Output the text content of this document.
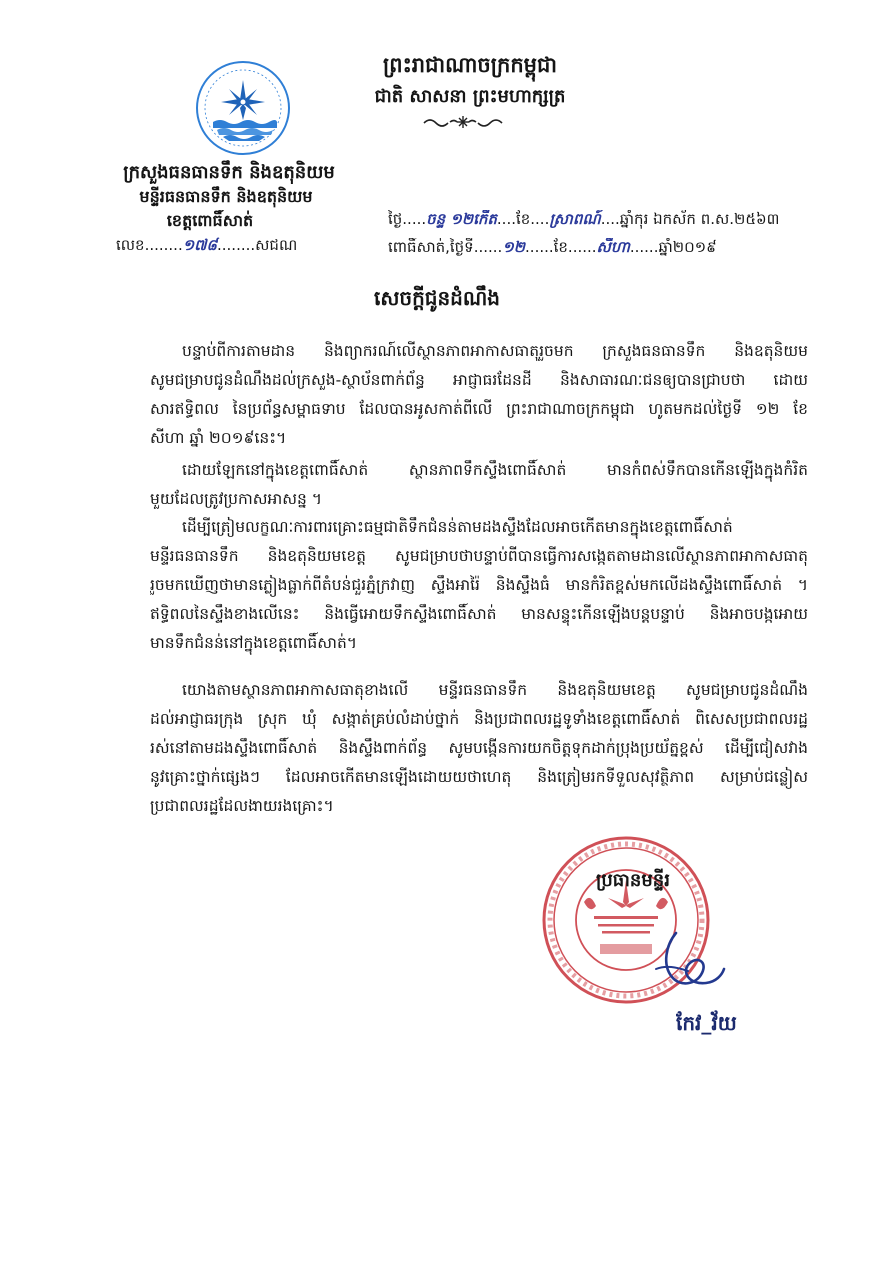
ព្រះរាជាណាចក្រកម្ពុជា
ជាតិ សាសនា ព្រះមហាក្សត្រ
ក្រសួងធនធានទឹក និងឧតុនិយម
មន្ទីរធនធានទឹក និងឧតុនិយម
ខេត្តពោធិ៍សាត់
លេខ........១៧៨........សជណ
ថ្ងៃ.....ចន្ទ ១២កើត....ខែ....ស្រាពណ៍....ឆ្នាំកុរ ឯកស័ក ព.ស.២៥៦៣
ពោធិ៍សាត់,ថ្ងៃទី......១២......ខែ......សីហា......ឆ្នាំ២០១៩
សេចក្ដីជូនដំណឹង
បន្ទាប់ពីការតាមដាន និងព្យាករណ៍លើស្ថានភាពអាកាសធាតុរួចមក ក្រសួងធនធានទឹក និងឧតុនិយម
សូមជម្រាបជូនដំណឹងដល់ក្រសួង-ស្ថាប័នពាក់ព័ន្ធ អាជ្ញាធរដែនដី និងសាធារណៈជនឲ្យបានជ្រាបថា ដោយ
សារឥទ្ធិពល នៃប្រព័ន្ធសម្ពាធទាប ដែលបានអូសកាត់ពីលើ ព្រះរាជាណាចក្រកម្ពុជា ហូតមកដល់ថ្ងៃទី ១២ ខែ
សីហា ឆ្នាំ ២០១៩នេះ។
ដោយឡែកនៅក្នុងខេត្តពោធិ៍សាត់ ស្ថានភាពទឹកស្ទឹងពោធិ៍សាត់ មានកំពស់ទឹកបានកើនឡើងក្នុងកំរិត
មួយដែលត្រូវប្រកាសអាសន្ន ។
ដើម្បីត្រៀមលក្ខណៈការពារគ្រោះធម្មជាតិទឹកជំនន់តាមដងស្ទឹងដែលអាចកើតមានក្នុងខេត្តពោធិ៍សាត់
មន្ទីរធនធានទឹក និងឧតុនិយមខេត្ត សូមជម្រាបថាបន្ទាប់ពីបានធ្វើការសង្កេតតាមដានលើស្ថានភាពអាកាសធាតុ
រួចមកឃើញថាមានភ្លៀងធ្លាក់ពីតំបន់ជួរភ្នំក្រវាញ ស្ទឹងអារ៉ៃ និងស្ទឹងធំ មានកំរិតខ្ពស់មកលើដងស្ទឹងពោធិ៍សាត់ ។
ឥទ្ធិពលនៃស្ទឹងខាងលើនេះ និងធ្វើអោយទឹកស្ទឹងពោធិ៍សាត់ មានសន្ទុះកើនឡើងបន្តបន្ទាប់ និងអាចបង្កអោយ
មានទឹកជំនន់នៅក្នុងខេត្តពោធិ៍សាត់។
យោងតាមស្ថានភាពអាកាសធាតុខាងលើ មន្ទីរធនធានទឹក និងឧតុនិយមខេត្ត សូមជម្រាបជូនដំណឹង
ដល់អាជ្ញាធរក្រុង ស្រុក ឃុំ សង្កាត់គ្រប់លំដាប់ថ្នាក់ និងប្រជាពលរដ្ឋទូទាំងខេត្តពោធិ៍សាត់ ពិសេសប្រជាពលរដ្ឋ
រស់នៅតាមដងស្ទឹងពោធិ៍សាត់ និងស្ទឹងពាក់ព័ន្ធ សូមបង្កើនការយកចិត្តទុកដាក់ប្រុងប្រយ័ត្នខ្ពស់ ដើម្បីជៀសវាង
នូវគ្រោះថ្នាក់ផ្សេងៗ ដែលអាចកើតមានឡើងដោយយថាហេតុ និងត្រៀមរកទីទួលសុវត្ថិភាព សម្រាប់ជន្លៀស
ប្រជាពលរដ្ឋដែលងាយរងគ្រោះ។
ប្រធានមន្ទីរ
កែវ_វ័យ
